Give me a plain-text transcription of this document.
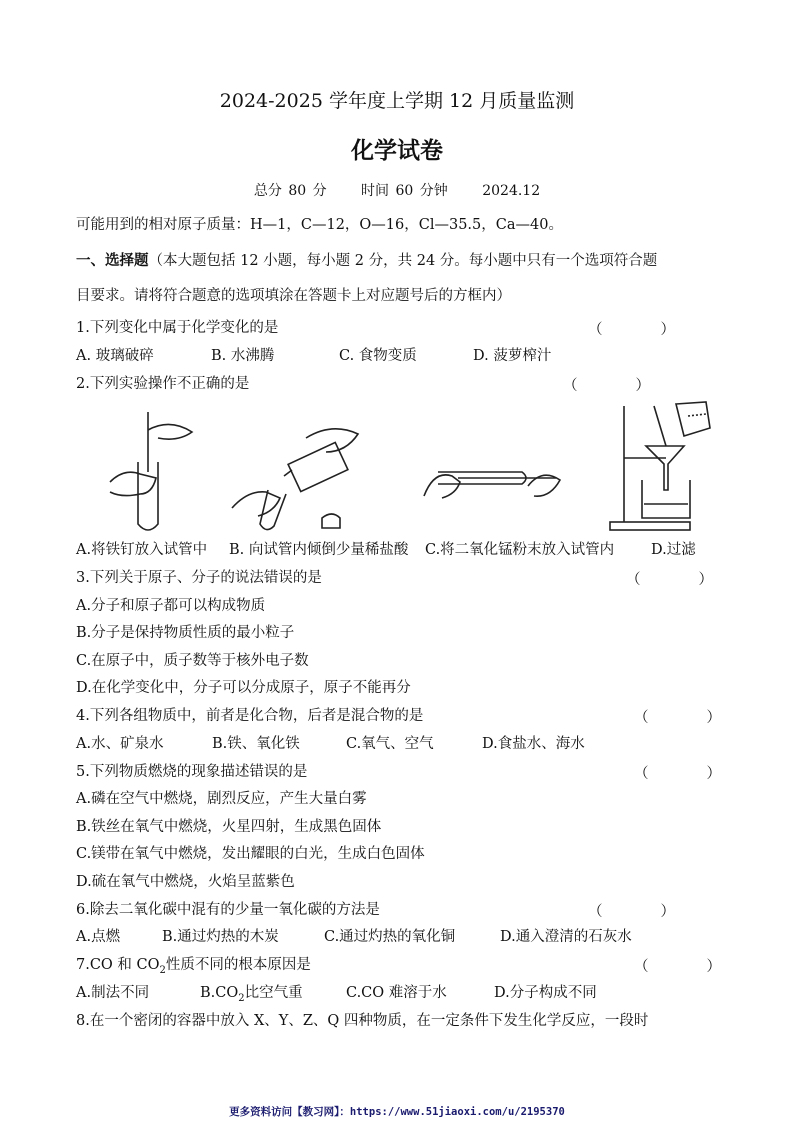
2024-2025 学年度上学期 12 月质量监测
化学试卷
总分 80 分 时间 60 分钟 2024.12
可能用到的相对原子质量：H—1，C—12，O—16，Cl—35.5，Ca—40。
一、选择题（本大题包括 12 小题，每小题 2 分，共 24 分。每小题中只有一个选项符合题
目要求。请将符合题意的选项填涂在答题卡上对应题号后的方框内）
1.下列变化中属于化学变化的是	（　　　　）
A. 玻璃破碎	B. 水沸腾	C. 食物变质	D. 菠萝榨汁
2.下列实验操作不正确的是	（　　　　）
A.将铁钉放入试管中 B. 向试管内倾倒少量稀盐酸 C.将二氧化锰粉末放入试管内	D.过滤
3.下列关于原子、分子的说法错误的是	（　　　　）
A.分子和原子都可以构成物质
B.分子是保持物质性质的最小粒子
C.在原子中，质子数等于核外电子数
D.在化学变化中，分子可以分成原子，原子不能再分
4.下列各组物质中，前者是化合物，后者是混合物的是	（　　　　）
A.水、矿泉水	B.铁、氧化铁	C.氧气、空气	D.食盐水、海水
5.下列物质燃烧的现象描述错误的是	（　　　　）
A.磷在空气中燃烧，剧烈反应，产生大量白雾
B.铁丝在氧气中燃烧，火星四射，生成黑色固体
C.镁带在氧气中燃烧，发出耀眼的白光，生成白色固体
D.硫在氧气中燃烧，火焰呈蓝紫色
6.除去二氧化碳中混有的少量一氧化碳的方法是	（　　　　）
A.点燃	B.通过灼热的木炭	C.通过灼热的氧化铜	D.通入澄清的石灰水
7.CO 和 $CO_2$性质不同的根本原因是	（　　　　）
A.制法不同	$B.CO_2$比空气重	C.CO 难溶于水	D.分子构成不同
8.在一个密闭的容器中放入 X、Y、Z、Q 四种物质，在一定条件下发生化学反应，一段时
更多资料访问【教习网】：https://www.51jiaoxi.com/u/2195370
